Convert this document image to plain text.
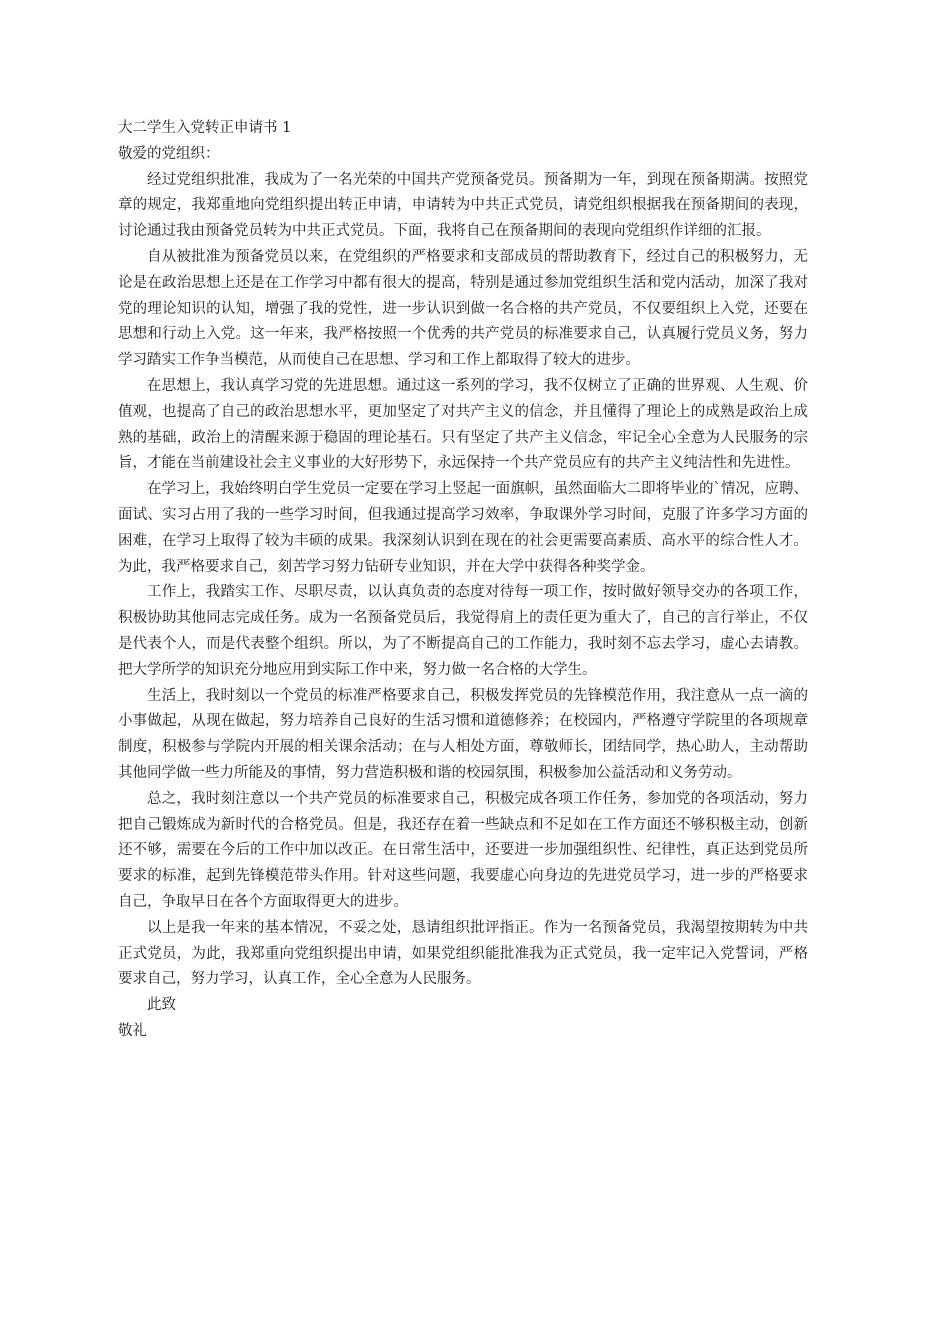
大二学生入党转正申请书 1

敬爱的党组织：

经过党组织批准，我成为了一名光荣的中国共产党预备党员。预备期为一年，到现在预备期满。按照党章的规定，我郑重地向党组织提出转正申请，申请转为中共正式党员，请党组织根据我在预备期间的表现，讨论通过我由预备党员转为中共正式党员。下面，我将自己在预备期间的表现向党组织作详细的汇报。

自从被批准为预备党员以来，在党组织的严格要求和支部成员的帮助教育下，经过自己的积极努力，无论是在政治思想上还是在工作学习中都有很大的提高，特别是通过参加党组织生活和党内活动，加深了我对党的理论知识的认知，增强了我的党性，进一步认识到做一名合格的共产党员，不仅要组织上入党，还要在思想和行动上入党。这一年来，我严格按照一个优秀的共产党员的标准要求自己，认真履行党员义务，努力学习踏实工作争当模范，从而使自己在思想、学习和工作上都取得了较大的进步。

在思想上，我认真学习党的先进思想。通过这一系列的学习，我不仅树立了正确的世界观、人生观、价值观，也提高了自己的政治思想水平，更加坚定了对共产主义的信念，并且懂得了理论上的成熟是政治上成熟的基础，政治上的清醒来源于稳固的理论基石。只有坚定了共产主义信念，牢记全心全意为人民服务的宗旨，才能在当前建设社会主义事业的大好形势下，永远保持一个共产党员应有的共产主义纯洁性和先进性。

在学习上，我始终明白学生党员一定要在学习上竖起一面旗帜，虽然面临大二即将毕业的`情况，应聘、面试、实习占用了我的一些学习时间，但我通过提高学习效率，争取课外学习时间，克服了许多学习方面的困难，在学习上取得了较为丰硕的成果。我深刻认识到在现在的社会更需要高素质、高水平的综合性人才。为此，我严格要求自己，刻苦学习努力钻研专业知识，并在大学中获得各种奖学金。

工作上，我踏实工作、尽职尽责，以认真负责的态度对待每一项工作，按时做好领导交办的各项工作，积极协助其他同志完成任务。成为一名预备党员后，我觉得肩上的责任更为重大了，自己的言行举止，不仅是代表个人，而是代表整个组织。所以，为了不断提高自己的工作能力，我时刻不忘去学习，虚心去请教。把大学所学的知识充分地应用到实际工作中来，努力做一名合格的大学生。

生活上，我时刻以一个党员的标准严格要求自己，积极发挥党员的先锋模范作用，我注意从一点一滴的小事做起，从现在做起，努力培养自己良好的生活习惯和道德修养；在校园内，严格遵守学院里的各项规章制度，积极参与学院内开展的相关课余活动；在与人相处方面，尊敬师长，团结同学，热心助人，主动帮助其他同学做一些力所能及的事情，努力营造积极和谐的校园氛围，积极参加公益活动和义务劳动。

总之，我时刻注意以一个共产党员的标准要求自己，积极完成各项工作任务，参加党的各项活动，努力把自己锻炼成为新时代的合格党员。但是，我还存在着一些缺点和不足如在工作方面还不够积极主动，创新还不够，需要在今后的工作中加以改正。在日常生活中，还要进一步加强组织性、纪律性，真正达到党员所要求的标准，起到先锋模范带头作用。针对这些问题，我要虚心向身边的先进党员学习，进一步的严格要求自己，争取早日在各个方面取得更大的进步。

以上是我一年来的基本情况，不妥之处，恳请组织批评指正。作为一名预备党员，我渴望按期转为中共正式党员，为此，我郑重向党组织提出申请，如果党组织能批准我为正式党员，我一定牢记入党誓词，严格要求自己，努力学习，认真工作，全心全意为人民服务。

此致

敬礼
